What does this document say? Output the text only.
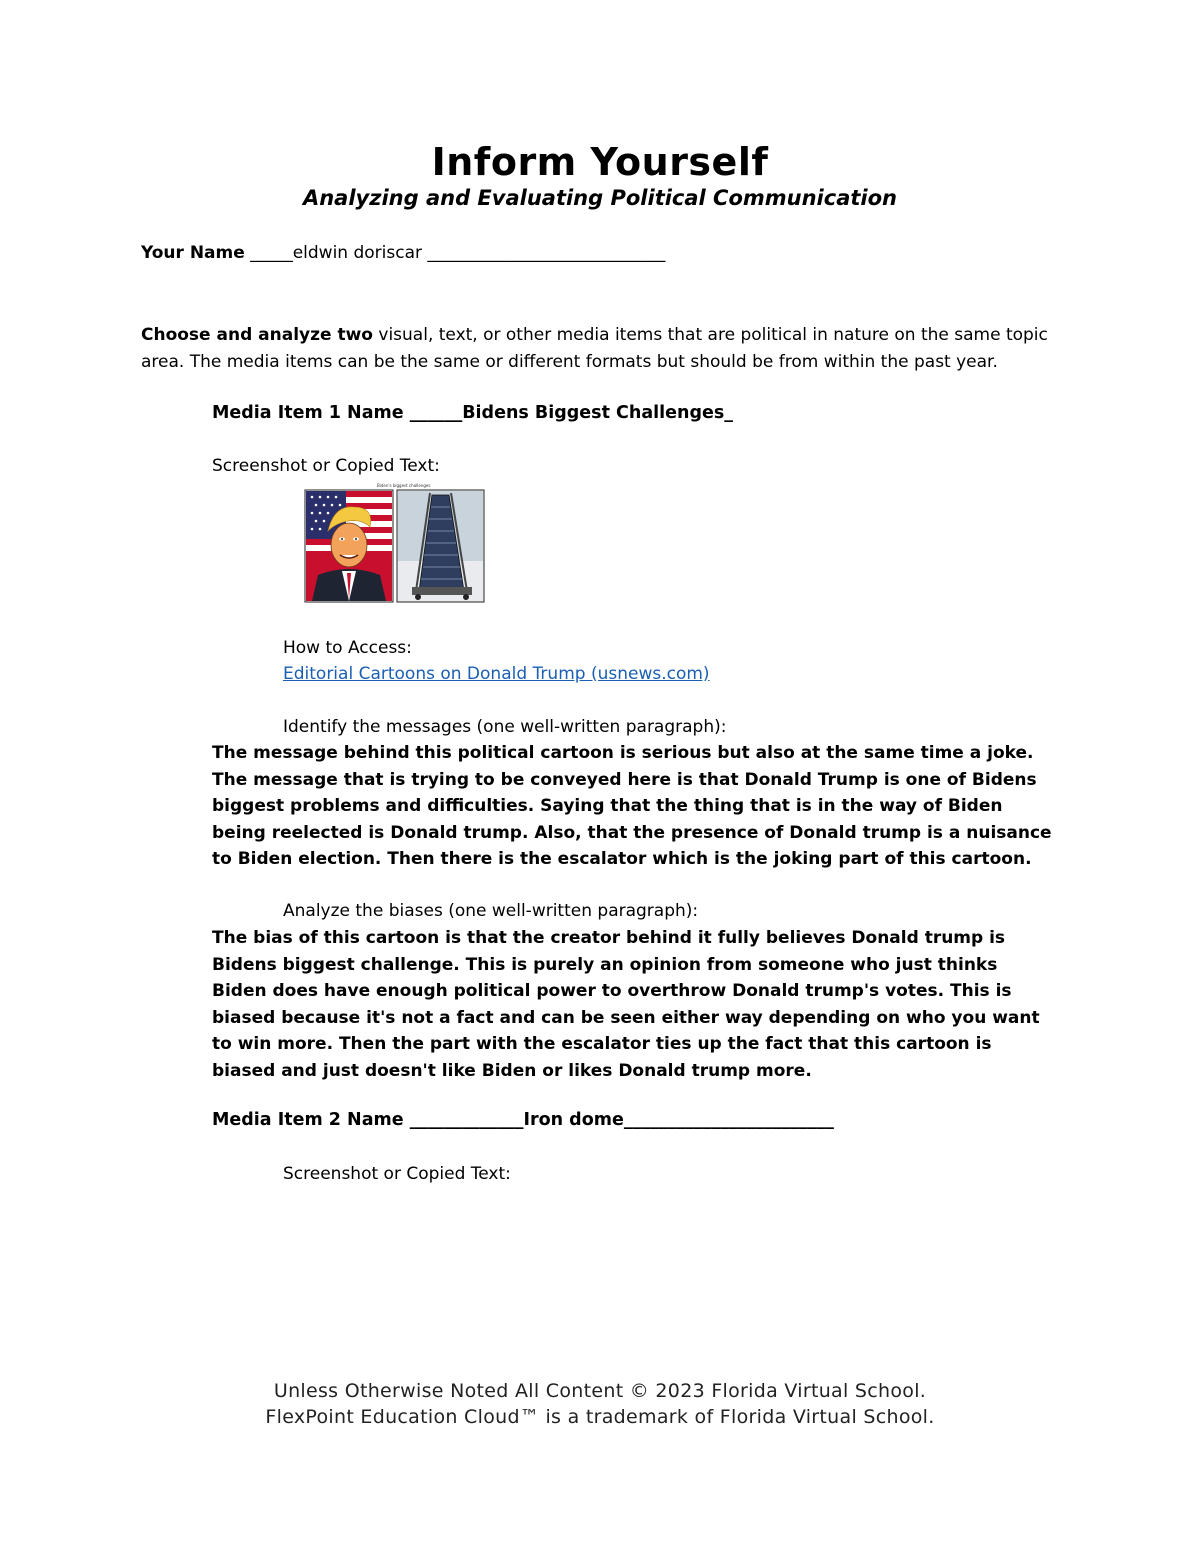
Inform Yourself
Analyzing and Evaluating Political Communication
Your Name _____eldwin doriscar ____________________________
Choose and analyze two visual, text, or other media items that are political in nature on the same topic area. The media items can be the same or different formats but should be from within the past year.
Media Item 1 Name ______Bidens Biggest Challenges_
Screenshot or Copied Text:
Biden's biggest challenges
How to Access:
Editorial Cartoons on Donald Trump (usnews.com)
Identify the messages (one well-written paragraph):
The message behind this political cartoon is serious but also at the same time a joke. The message that is trying to be conveyed here is that Donald Trump is one of Bidens biggest problems and difficulties. Saying that the thing that is in the way of Biden being reelected is Donald trump. Also, that the presence of Donald trump is a nuisance to Biden election. Then there is the escalator which is the joking part of this cartoon.
Analyze the biases (one well-written paragraph):
The bias of this cartoon is that the creator behind it fully believes Donald trump is Bidens biggest challenge. This is purely an opinion from someone who just thinks Biden does have enough political power to overthrow Donald trump's votes. This is biased because it's not a fact and can be seen either way depending on who you want to win more. Then the part with the escalator ties up the fact that this cartoon is biased and just doesn't like Biden or likes Donald trump more.
Media Item 2 Name _____________Iron dome________________________
Screenshot or Copied Text:
Unless Otherwise Noted All Content © 2023 Florida Virtual School.
FlexPoint Education Cloud™ is a trademark of Florida Virtual School.
